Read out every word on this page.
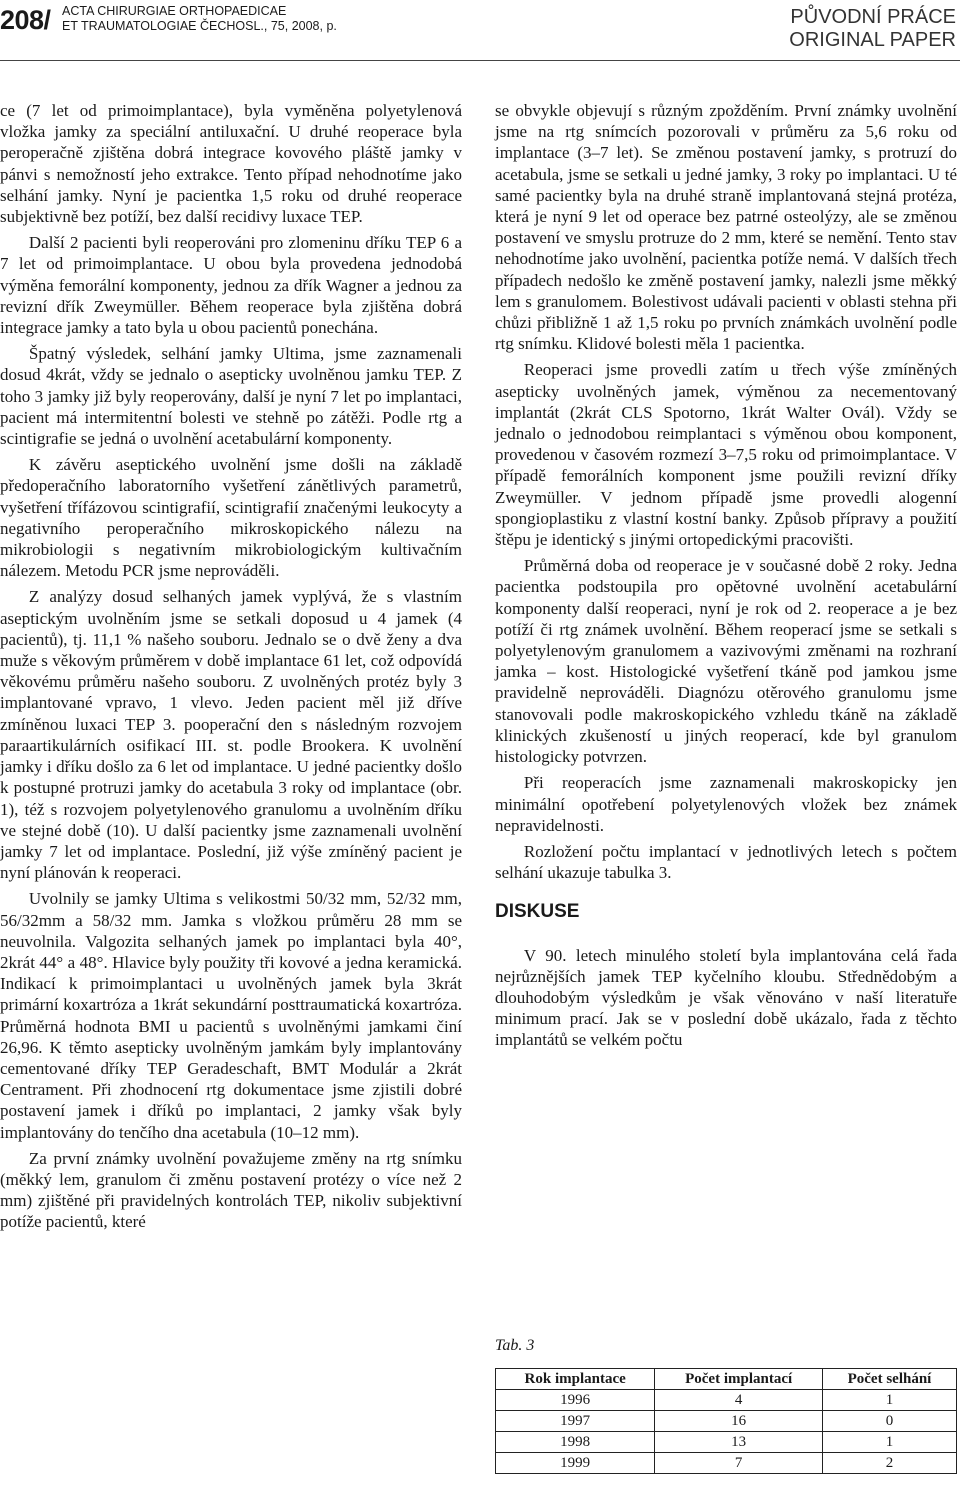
208/ ACTA CHIRURGIAE ORTHOPAEDICAE
ET TRAUMATOLOGIAE ČECHOSL., 75, 2008, p.	PŮVODNÍ PRÁCE
ORIGINAL PAPER

ce (7 let od primoimplantace), byla vyměněna polyetylenová vložka jamky za speciální antiluxační. U druhé reoperace byla peroperačně zjištěna dobrá integrace kovového pláště jamky v pánvi s nemožností jeho extrakce. Tento případ nehodnotíme jako selhání jamky. Nyní je pacientka 1,5 roku od druhé reoperace subjektivně bez potíží, bez další recidivy luxace TEP.

Další 2 pacienti byli reoperováni pro zlomeninu dříku TEP 6 a 7 let od primoimplantace. U obou byla provedena jednodobá výměna femorální komponenty, jednou za dřík Wagner a jednou za revizní dřík Zweymüller. Během reoperace byla zjištěna dobrá integrace jamky a tato byla u obou pacientů ponechána.

Špatný výsledek, selhání jamky Ultima, jsme zaznamenali dosud 4krát, vždy se jednalo o asepticky uvolněnou jamku TEP. Z toho 3 jamky již byly reoperovány, další je nyní 7 let po implantaci, pacient má intermitentní bolesti ve stehně po zátěži. Podle rtg a scintigrafie se jedná o uvolnění acetabulární komponenty.

K závěru aseptického uvolnění jsme došli na základě předoperačního laboratorního vyšetření zánětlivých parametrů, vyšetření třífázovou scintigrafií, scintigrafií značenými leukocyty a negativního peroperačního mikroskopického nálezu na mikrobiologii s negativním mikrobiologickým kultivačním nálezem. Metodu PCR jsme neprováděli.

Z analýzy dosud selhaných jamek vyplývá, že s vlastním aseptickým uvolněním jsme se setkali doposud u 4 jamek (4 pacientů), tj. 11,1 % našeho souboru. Jednalo se o dvě ženy a dva muže s věkovým průměrem v době implantace 61 let, což odpovídá věkovému průměru našeho souboru. Z uvolněných protéz byly 3 implantované vpravo, 1 vlevo. Jeden pacient měl již dříve zmíněnou luxaci TEP 3. pooperační den s následným rozvojem paraartikulárních osifikací III. st. podle Brookera. K uvolnění jamky i dříku došlo za 6 let od implantace. U jedné pacientky došlo k postupné protruzi jamky do acetabula 3 roky od implantace (obr. 1), též s rozvojem polyetylenového granulomu a uvolněním dříku ve stejné době (10). U další pacientky jsme zaznamenali uvolnění jamky 7 let od implantace. Poslední, již výše zmíněný pacient je nyní plánován k reoperaci.

Uvolnily se jamky Ultima s velikostmi 50/32 mm, 52/32 mm, 56/32mm a 58/32 mm. Jamka s vložkou průměru 28 mm se neuvolnila. Valgozita selhaných jamek po implantaci byla 40°, 2krát 44° a 48°. Hlavice byly použity tři kovové a jedna keramická. Indikací k primoimplantaci u uvolněných jamek byla 3krát primární koxartróza a 1krát sekundární posttraumatická koxartróza. Průměrná hodnota BMI u pacientů s uvolněnými jamkami činí 26,96. K těmto asepticky uvolněným jamkám byly implantovány cementované dříky TEP Geradeschaft, BMT Modulár a 2krát Centrament. Při zhodnocení rtg dokumentace jsme zjistili dobré postavení jamek i dříků po implantaci, 2 jamky však byly implantovány do tenčího dna acetabula (10–12 mm).

Za první známky uvolnění považujeme změny na rtg snímku (měkký lem, granulom či změnu postavení protézy o více než 2 mm) zjištěné při pravidelných kontrolách TEP, nikoliv subjektivní potíže pacientů, které

se obvykle objevují s různým zpožděním. První známky uvolnění jsme na rtg snímcích pozorovali v průměru za 5,6 roku od implantace (3–7 let). Se změnou postavení jamky, s protruzí do acetabula, jsme se setkali u jedné jamky, 3 roky po implantaci. U té samé pacientky byla na druhé straně implantovaná stejná protéza, která je nyní 9 let od operace bez patrné osteolýzy, ale se změnou postavení ve smyslu protruze do 2 mm, které se nemění. Tento stav nehodnotíme jako uvolnění, pacientka potíže nemá. V dalších třech případech nedošlo ke změně postavení jamky, nalezli jsme měkký lem s granulomem. Bolestivost udávali pacienti v oblasti stehna při chůzi přibližně 1 až 1,5 roku po prvních známkách uvolnění podle rtg snímku. Klidové bolesti měla 1 pacientka.

Reoperaci jsme provedli zatím u třech výše zmíněných asepticky uvolněných jamek, výměnou za necementovaný implantát (2krát CLS Spotorno, 1krát Walter Ovál). Vždy se jednalo o jednodobou reimplantaci s výměnou obou komponent, provedenou v časovém rozmezí 3–7,5 roku od primoimplantace. V případě femorálních komponent jsme použili revizní dříky Zweymüller. V jednom případě jsme provedli alogenní spongioplastiku z vlastní kostní banky. Způsob přípravy a použití štěpu je identický s jinými ortopedickými pracovišti.

Průměrná doba od reoperace je v současné době 2 roky. Jedna pacientka podstoupila pro opětovné uvolnění acetabulární komponenty další reoperaci, nyní je rok od 2. reoperace a je bez potíží či rtg známek uvolnění. Během reoperací jsme se setkali s polyetylenovým granulomem a vazivovými změnami na rozhraní jamka – kost. Histologické vyšetření tkáně pod jamkou jsme pravidelně neprováděli. Diagnózu otěrového granulomu jsme stanovovali podle makroskopického vzhledu tkáně na základě klinických zkušeností u jiných reoperací, kde byl granulom histologicky potvrzen.

Při reoperacích jsme zaznamenali makroskopicky jen minimální opotřebení polyetylenových vložek bez známek nepravidelnosti.

Rozložení počtu implantací v jednotlivých letech s počtem selhání ukazuje tabulka 3.

DISKUSE

V 90. letech minulého století byla implantována celá řada nejrůznějších jamek TEP kyčelního kloubu. Střednědobým a dlouhodobým výsledkům je však věnováno v naší literatuře minimum prací. Jak se v poslední době ukázalo, řada z těchto implantátů se velkém počtu

Tab. 3
Rok implantace	Počet implantací	Počet selhání
1996	4	1
1997	16	0
1998	13	1
1999	7	2
